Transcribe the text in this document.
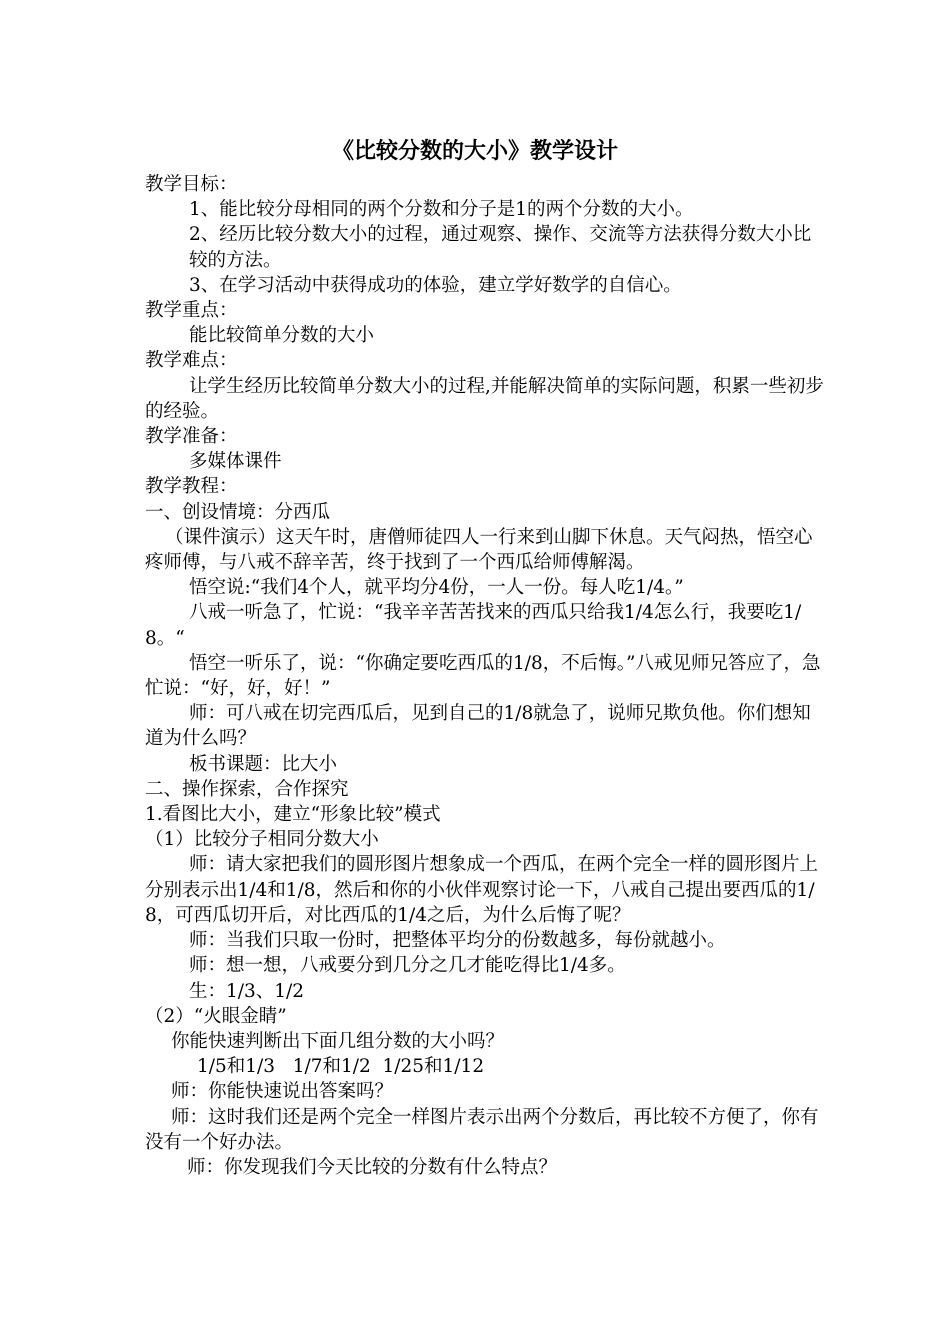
《比较分数的大小》教学设计

教学目标：

1、能比较分母相同的两个分数和分子是1的两个分数的大小。

2、经历比较分数大小的过程，通过观察、操作、交流等方法获得分数大小比较的方法。

3、在学习活动中获得成功的体验，建立学好数学的自信心。

教学重点：

能比较简单分数的大小

教学难点：

让学生经历比较简单分数大小的过程,并能解决简单的实际问题，积累一些初步的经验。

教学准备：

多媒体课件

教学教程：

一、创设情境：分西瓜

（课件演示）这天午时，唐僧师徒四人一行来到山脚下休息。天气闷热，悟空心疼师傅，与八戒不辞辛苦，终于找到了一个西瓜给师傅解渴。

悟空说:“我们4个人，就平均分4份，一人一份。每人吃1/4。”

八戒一听急了，忙说：“我辛辛苦苦找来的西瓜只给我1/4怎么行，我要吃1/8。“

悟空一听乐了，说：“你确定要吃西瓜的1/8，不后悔。”八戒见师兄答应了，急忙说：“好，好，好！”

师：可八戒在切完西瓜后，见到自己的1/8就急了，说师兄欺负他。你们想知道为什么吗？

板书课题：比大小

二、操作探索，合作探究

1.看图比大小，建立“形象比较”模式

（1）比较分子相同分数大小

师：请大家把我们的圆形图片想象成一个西瓜，在两个完全一样的圆形图片上分别表示出1/4和1/8，然后和你的小伙伴观察讨论一下，八戒自己提出要西瓜的1/8，可西瓜切开后，对比西瓜的1/4之后，为什么后悔了呢？

师：当我们只取一份时，把整体平均分的份数越多，每份就越小。

师：想一想，八戒要分到几分之几才能吃得比1/4多。

生：1/3、1/2

（2）“火眼金睛”

你能快速判断出下面几组分数的大小吗？

1/5和1/3   1/7和1/2  1/25和1/12

师：你能快速说出答案吗？

师：这时我们还是两个完全一样图片表示出两个分数后，再比较不方便了，你有没有一个好办法。

师：你发现我们今天比较的分数有什么特点？
